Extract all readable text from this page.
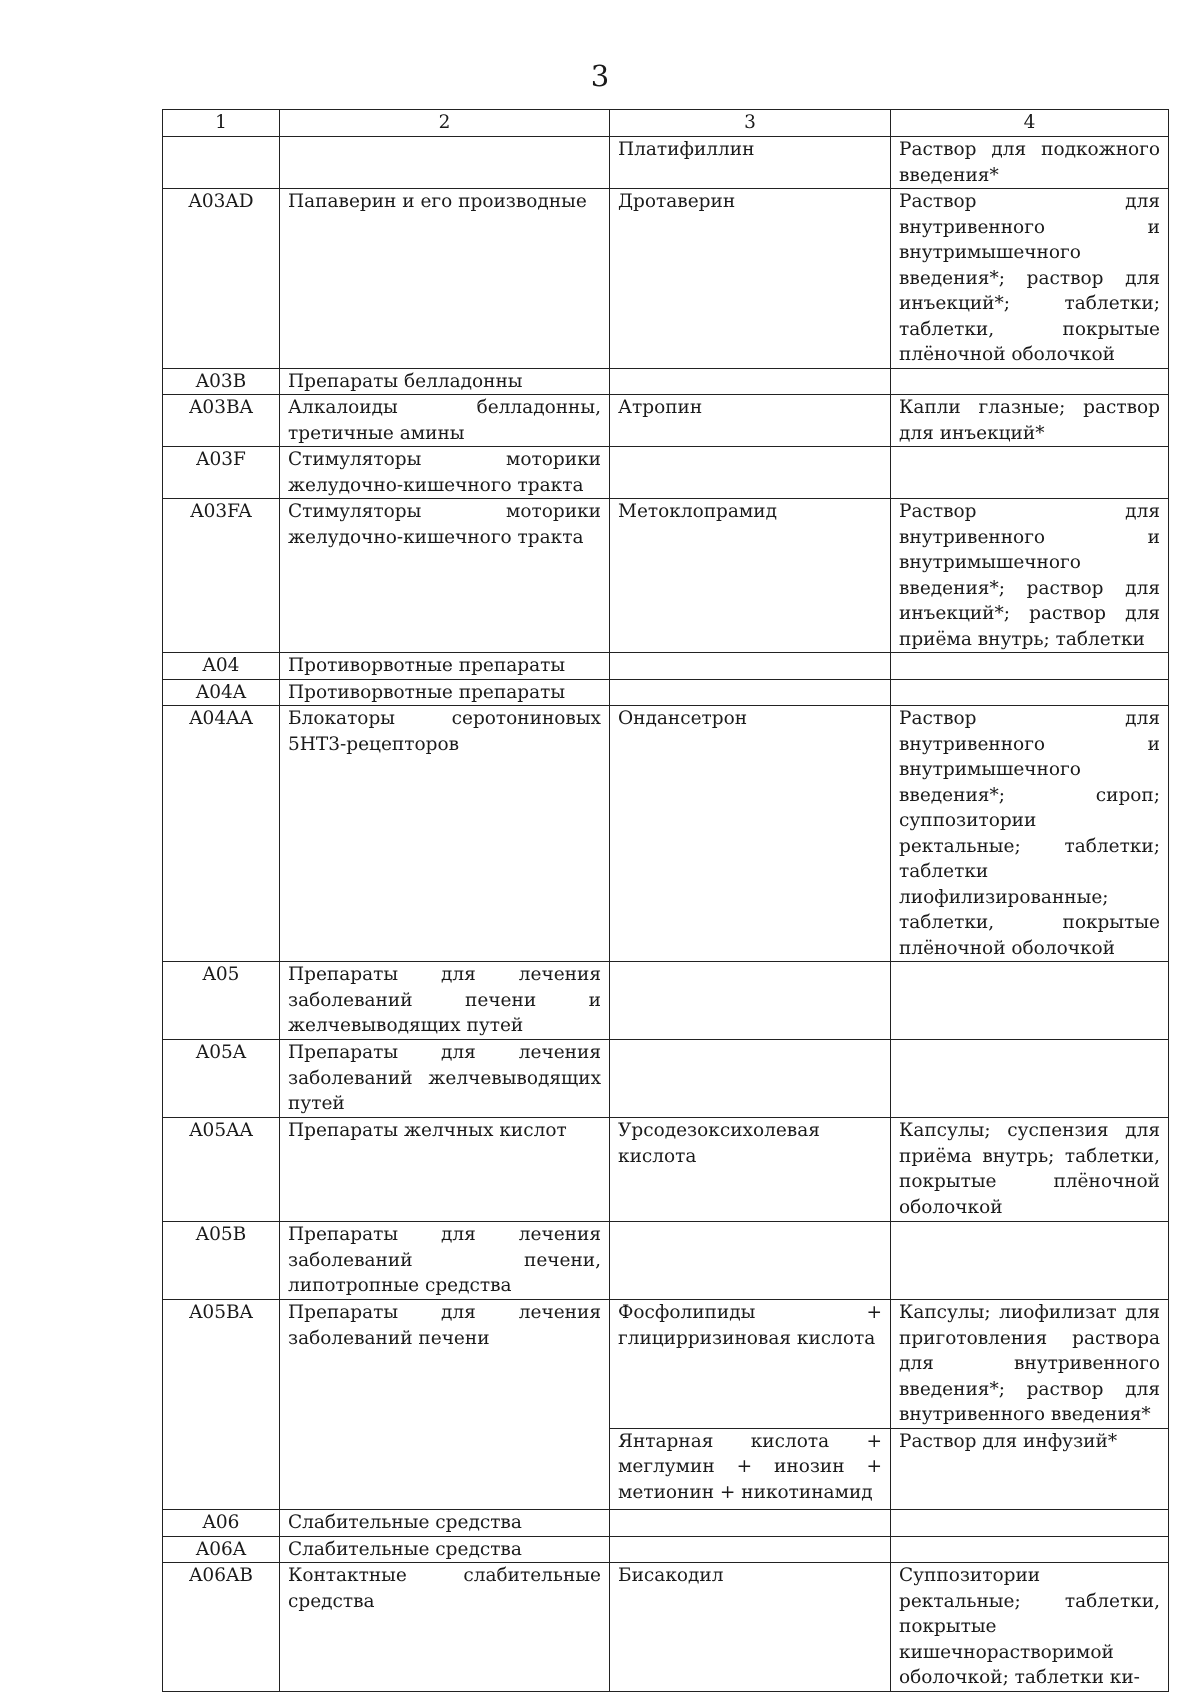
3
1	2	3	4
		Платифиллин	Раствор для подкожного введения*
A03AD	Папаверин и его производные	Дротаверин	Раствор для внутривенного и внутримышечного введения*; раствор для инъекций*; таблетки; таблетки, покрытые плёночной оболочкой
A03B	Препараты белладонны		
A03BA	Алкалоиды белладонны, третичные амины	Атропин	Капли глазные; раствор для инъекций*
A03F	Стимуляторы моторики желудочно-кишечного тракта		
A03FA	Стимуляторы моторики желудочно-кишечного тракта	Метоклопрамид	Раствор для внутривенного и внутримышечного введения*; раствор для инъекций*; раствор для приёма внутрь; таблетки
A04	Противорвотные препараты		
A04A	Противорвотные препараты		
A04AA	Блокаторы серотониновых 5HT3-рецепторов	Ондансетрон	Раствор для внутривенного и внутримышечного введения*; сироп; суппозитории ректальные; таблетки; таблетки лиофилизированные; таблетки, покрытые плёночной оболочкой
A05	Препараты для лечения заболеваний печени и желчевыводящих путей		
A05A	Препараты для лечения заболеваний желчевыводящих путей		
A05AA	Препараты желчных кислот	Урсодезоксихолевая кислота	Капсулы; суспензия для приёма внутрь; таблетки, покрытые плёночной оболочкой
A05B	Препараты для лечения заболеваний печени, липотропные средства		
A05BA	Препараты для лечения заболеваний печени	Фосфолипиды + глицирризиновая кислота	Капсулы; лиофилизат для приготовления раствора для внутривенного введения*; раствор для внутривенного введения*
		Янтарная кислота + меглумин + инозин + метионин + никотинамид	Раствор для инфузий*
A06	Слабительные средства		
A06A	Слабительные средства		
A06AB	Контактные слабительные средства	Бисакодил	Суппозитории ректальные; таблетки, покрытые кишечнорастворимой оболочкой; таблетки ки-
